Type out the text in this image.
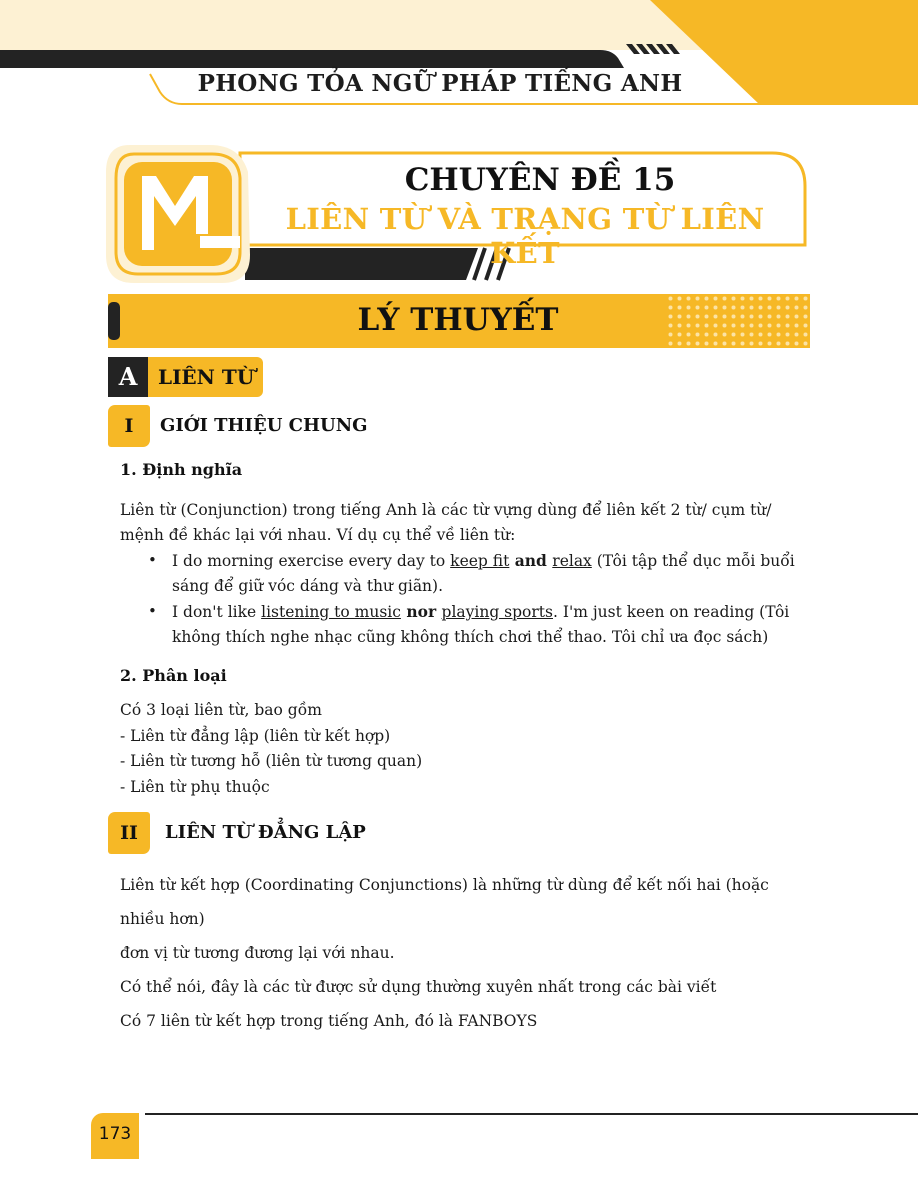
PHONG TỎA NGỮ PHÁP TIẾNG ANH
CHUYÊN ĐỀ 15
LIÊN TỪ VÀ TRẠNG TỪ LIÊN KẾT
LÝ THUYẾT
A	LIÊN TỪ
I	GIỚI THIỆU CHUNG
1. Định nghĩa
Liên từ (Conjunction) trong tiếng Anh là các từ vựng dùng để liên kết 2 từ/ cụm từ/ mệnh đề khác lại với nhau. Ví dụ cụ thể về liên từ:
• I do morning exercise every day to keep fit and relax (Tôi tập thể dục mỗi buổi sáng để giữ vóc dáng và thư giãn).
• I don't like listening to music nor playing sports. I'm just keen on reading (Tôi không thích nghe nhạc cũng không thích chơi thể thao. Tôi chỉ ưa đọc sách)
2. Phân loại
Có 3 loại liên từ, bao gồm
- Liên từ đẳng lập (liên từ kết hợp)
- Liên từ tương hỗ (liên từ tương quan)
- Liên từ phụ thuộc
II	LIÊN TỪ ĐẲNG LẬP
Liên từ kết hợp (Coordinating Conjunctions) là những từ dùng để kết nối hai (hoặc nhiều hơn)
đơn vị từ tương đương lại với nhau.
Có thể nói, đây là các từ được sử dụng thường xuyên nhất trong các bài viết
Có 7 liên từ kết hợp trong tiếng Anh, đó là FANBOYS
173
